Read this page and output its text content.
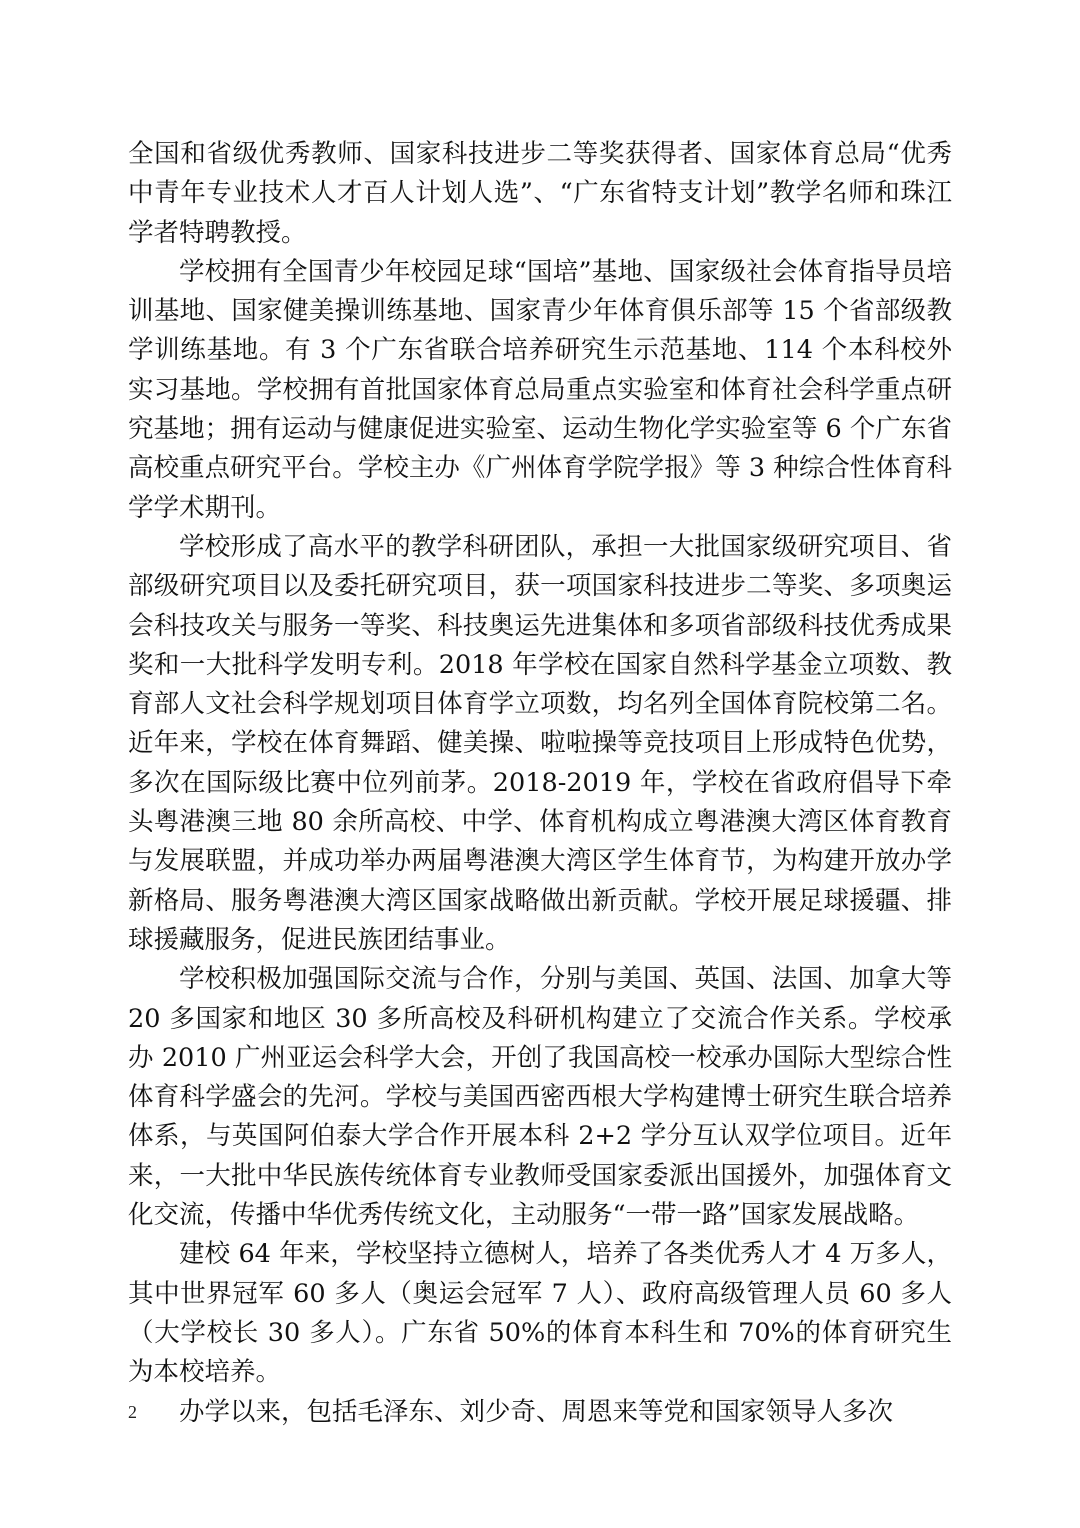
全国和省级优秀教师、国家科技进步二等奖获得者、国家体育总局“优秀中青年专业技术人才百人计划人选”、“广东省特支计划”教学名师和珠江学者特聘教授。

学校拥有全国青少年校园足球“国培”基地、国家级社会体育指导员培训基地、国家健美操训练基地、国家青少年体育俱乐部等 15 个省部级教学训练基地。有 3 个广东省联合培养研究生示范基地、114 个本科校外实习基地。学校拥有首批国家体育总局重点实验室和体育社会科学重点研究基地；拥有运动与健康促进实验室、运动生物化学实验室等 6 个广东省高校重点研究平台。学校主办《广州体育学院学报》等 3 种综合性体育科学学术期刊。

学校形成了高水平的教学科研团队，承担一大批国家级研究项目、省部级研究项目以及委托研究项目，获一项国家科技进步二等奖、多项奥运会科技攻关与服务一等奖、科技奥运先进集体和多项省部级科技优秀成果奖和一大批科学发明专利。2018 年学校在国家自然科学基金立项数、教育部人文社会科学规划项目体育学立项数，均名列全国体育院校第二名。近年来，学校在体育舞蹈、健美操、啦啦操等竞技项目上形成特色优势，多次在国际级比赛中位列前茅。2018-2019 年，学校在省政府倡导下牵头粤港澳三地 80 余所高校、中学、体育机构成立粤港澳大湾区体育教育与发展联盟，并成功举办两届粤港澳大湾区学生体育节，为构建开放办学新格局、服务粤港澳大湾区国家战略做出新贡献。学校开展足球援疆、排球援藏服务，促进民族团结事业。

学校积极加强国际交流与合作，分别与美国、英国、法国、加拿大等 20 多国家和地区 30 多所高校及科研机构建立了交流合作关系。学校承办 2010 广州亚运会科学大会，开创了我国高校一校承办国际大型综合性体育科学盛会的先河。学校与美国西密西根大学构建博士研究生联合培养体系，与英国阿伯泰大学合作开展本科 2+2 学分互认双学位项目。近年来，一大批中华民族传统体育专业教师受国家委派出国援外，加强体育文化交流，传播中华优秀传统文化，主动服务“一带一路”国家发展战略。

建校 64 年来，学校坚持立德树人，培养了各类优秀人才 4 万多人，其中世界冠军 60 多人（奥运会冠军 7 人）、政府高级管理人员 60 多人（大学校长 30 多人）。广东省 50%的体育本科生和 70%的体育研究生为本校培养。

办学以来，包括毛泽东、刘少奇、周恩来等党和国家领导人多次

2
